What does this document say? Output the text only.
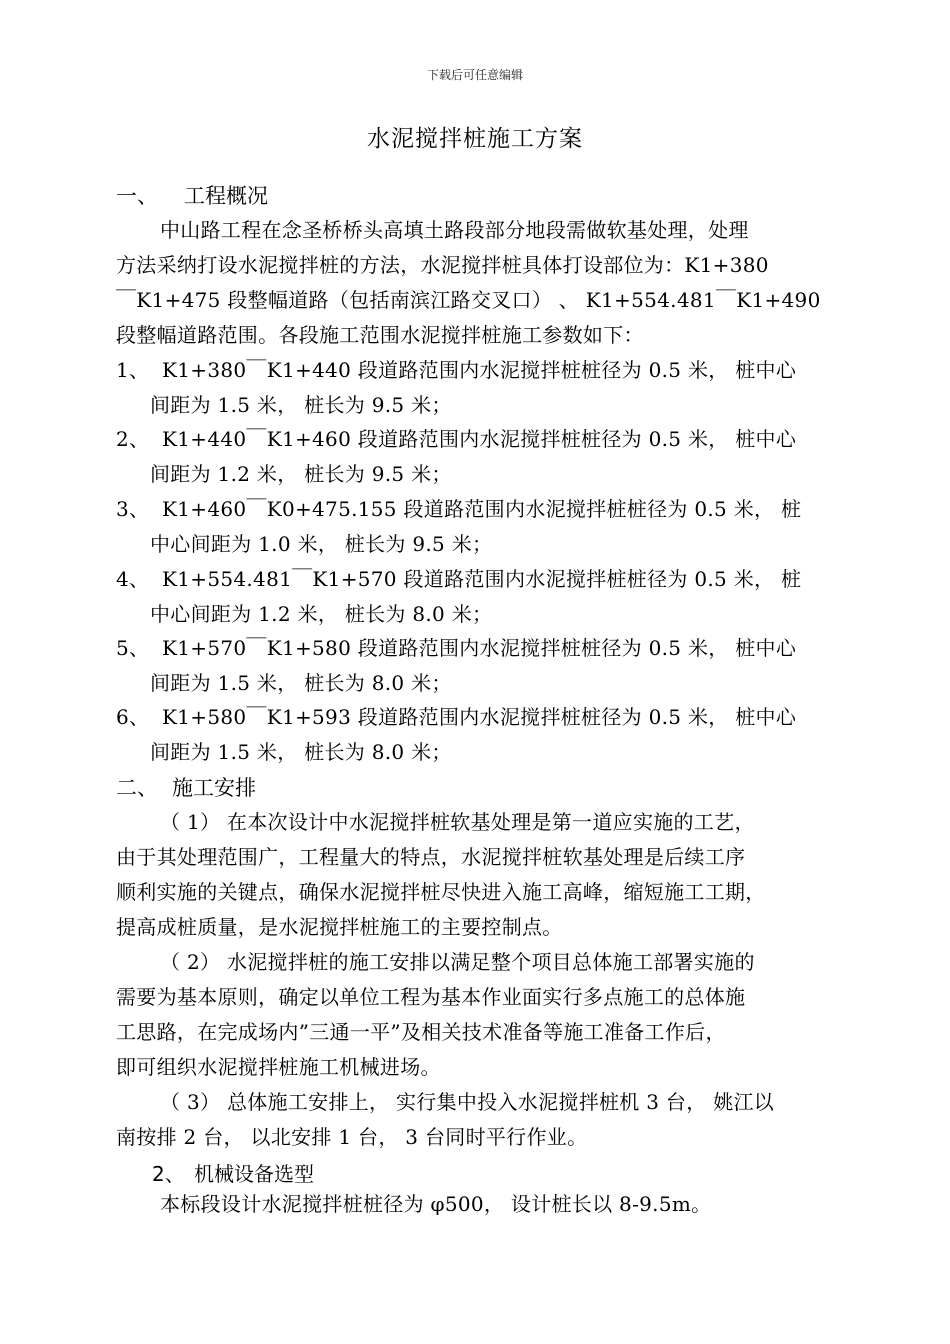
下载后可任意编辑
水泥搅拌桩施工方案
一、 工程概况
中山路工程在念圣桥桥头高填土路段部分地段需做软基处理，处理
方法采纳打设水泥搅拌桩的方法，水泥搅拌桩具体打设部位为：K1+380
￣K1+475 段整幅道路（包括南滨江路交叉口） 、 K1+554.481￣K1+490
段整幅道路范围。各段施工范围水泥搅拌桩施工参数如下：
1、 K1+380￣K1+440 段道路范围内水泥搅拌桩桩径为 0.5 米， 桩中心
间距为 1.5 米， 桩长为 9.5 米；
2、 K1+440￣K1+460 段道路范围内水泥搅拌桩桩径为 0.5 米， 桩中心
间距为 1.2 米， 桩长为 9.5 米；
3、 K1+460￣K0+475.155 段道路范围内水泥搅拌桩桩径为 0.5 米， 桩
中心间距为 1.0 米， 桩长为 9.5 米；
4、 K1+554.481￣K1+570 段道路范围内水泥搅拌桩桩径为 0.5 米， 桩
中心间距为 1.2 米， 桩长为 8.0 米；
5、 K1+570￣K1+580 段道路范围内水泥搅拌桩桩径为 0.5 米， 桩中心
间距为 1.5 米， 桩长为 8.0 米；
6、 K1+580￣K1+593 段道路范围内水泥搅拌桩桩径为 0.5 米， 桩中心
间距为 1.5 米， 桩长为 8.0 米；
二、 施工安排
（ 1） 在本次设计中水泥搅拌桩软基处理是第一道应实施的工艺，
由于其处理范围广，工程量大的特点，水泥搅拌桩软基处理是后续工序
顺利实施的关键点，确保水泥搅拌桩尽快进入施工高峰，缩短施工工期，
提高成桩质量，是水泥搅拌桩施工的主要控制点。
（ 2） 水泥搅拌桩的施工安排以满足整个项目总体施工部署实施的
需要为基本原则，确定以单位工程为基本作业面实行多点施工的总体施
工思路，在完成场内”三通一平”及相关技术准备等施工准备工作后，
即可组织水泥搅拌桩施工机械进场。
（ 3） 总体施工安排上， 实行集中投入水泥搅拌桩机 3 台， 姚江以
南按排 2 台， 以北安排 1 台， 3 台同时平行作业。
2、 机械设备选型
本标段设计水泥搅拌桩桩径为 φ500， 设计桩长以 8-9.5m。
